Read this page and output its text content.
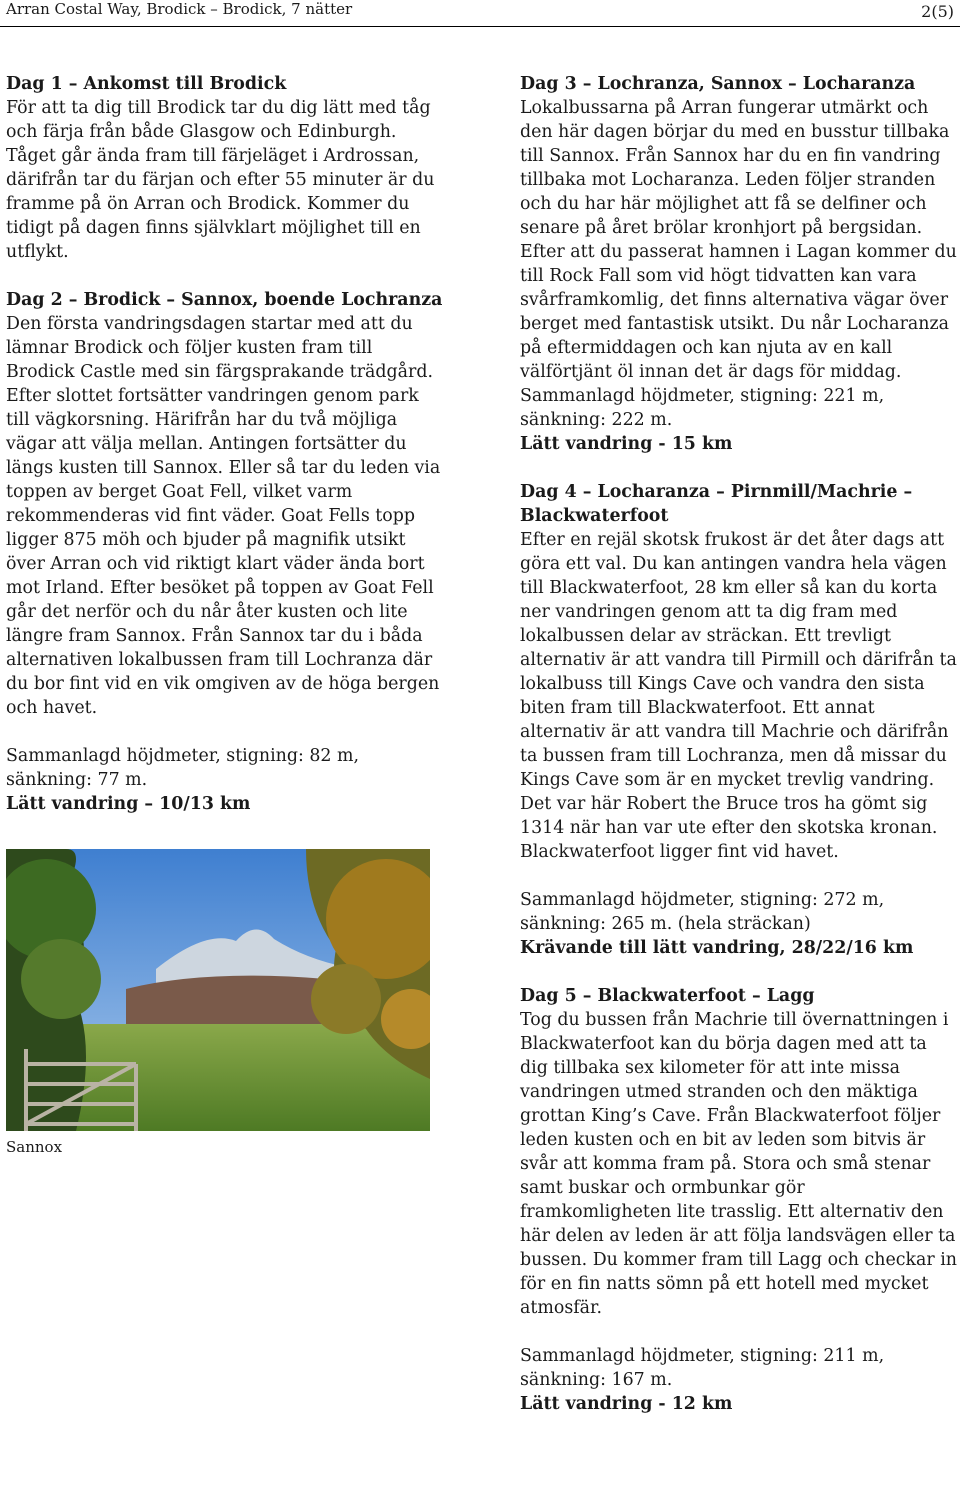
Arran Costal Way, Brodick – Brodick, 7 nätter	2(5)
Dag 1 – Ankomst till Brodick

För att ta dig till Brodick tar du dig lätt med tåg och färja från både Glasgow och Edinburgh. Tåget går ända fram till färjeläget i Ardrossan, därifrån tar du färjan och efter 55 minuter är du framme på ön Arran och Brodick. Kommer du tidigt på dagen finns självklart möjlighet till en utflykt.

Dag 2 – Brodick – Sannox, boende Lochranza

Den första vandringsdagen startar med att du lämnar Brodick och följer kusten fram till Brodick Castle med sin färgsprakande trädgård. Efter slottet fortsätter vandringen genom park till vägkorsning. Härifrån har du två möjliga vägar att välja mellan. Antingen fortsätter du längs kusten till Sannox. Eller så tar du leden via toppen av berget Goat Fell, vilket varm rekommenderas vid fint väder. Goat Fells topp ligger 875 möh och bjuder på magnifik utsikt över Arran och vid riktigt klart väder ända bort mot Irland. Efter besöket på toppen av Goat Fell går det nerför och du når åter kusten och lite längre fram Sannox. Från Sannox tar du i båda alternativen lokalbussen fram till Lochranza där du bor fint vid en vik omgiven av de höga bergen och havet.

Sammanlagd höjdmeter, stigning: 82 m, sänkning: 77 m.

Lätt vandring – 10/13 km

Sannox
Dag 3 – Lochranza, Sannox – Locharanza

Lokalbussarna på Arran fungerar utmärkt och den här dagen börjar du med en busstur tillbaka till Sannox. Från Sannox har du en fin vandring tillbaka mot Locharanza. Leden följer stranden och du har här möjlighet att få se delfiner och senare på året brölar kronhjort på bergsidan. Efter att du passerat hamnen i Lagan kommer du till Rock Fall som vid högt tidvatten kan vara svårframkomlig, det finns alternativa vägar över berget med fantastisk utsikt. Du når Locharanza på eftermiddagen och kan njuta av en kall välförtjänt öl innan det är dags för middag.

Sammanlagd höjdmeter, stigning: 221 m, sänkning: 222 m.

Lätt vandring - 15 km

Dag 4 – Locharanza – Pirnmill/Machrie – Blackwaterfoot

Efter en rejäl skotsk frukost är det åter dags att göra ett val. Du kan antingen vandra hela vägen till Blackwaterfoot, 28 km eller så kan du korta ner vandringen genom att ta dig fram med lokalbussen delar av sträckan. Ett trevligt alternativ är att vandra till Pirmill och därifrån ta lokalbuss till Kings Cave och vandra den sista biten fram till Blackwaterfoot. Ett annat alternativ är att vandra till Machrie och därifrån ta bussen fram till Lochranza, men då missar du Kings Cave som är en mycket trevlig vandring. Det var här Robert the Bruce tros ha gömt sig 1314 när han var ute efter den skotska kronan. Blackwaterfoot ligger fint vid havet.

Sammanlagd höjdmeter, stigning: 272 m, sänkning: 265 m. (hela sträckan)

Krävande till lätt vandring, 28/22/16 km

Dag 5 – Blackwaterfoot – Lagg

Tog du bussen från Machrie till övernattningen i Blackwaterfoot kan du börja dagen med att ta dig tillbaka sex kilometer för att inte missa vandringen utmed stranden och den mäktiga grottan King’s Cave. Från Blackwaterfoot följer leden kusten och en bit av leden som bitvis är svår att komma fram på. Stora och små stenar samt buskar och ormbunkar gör framkomligheten lite trasslig. Ett alternativ den här delen av leden är att följa landsvägen eller ta bussen. Du kommer fram till Lagg och checkar in för en fin natts sömn på ett hotell med mycket atmosfär.

Sammanlagd höjdmeter, stigning: 211 m, sänkning: 167 m.

Lätt vandring - 12 km
